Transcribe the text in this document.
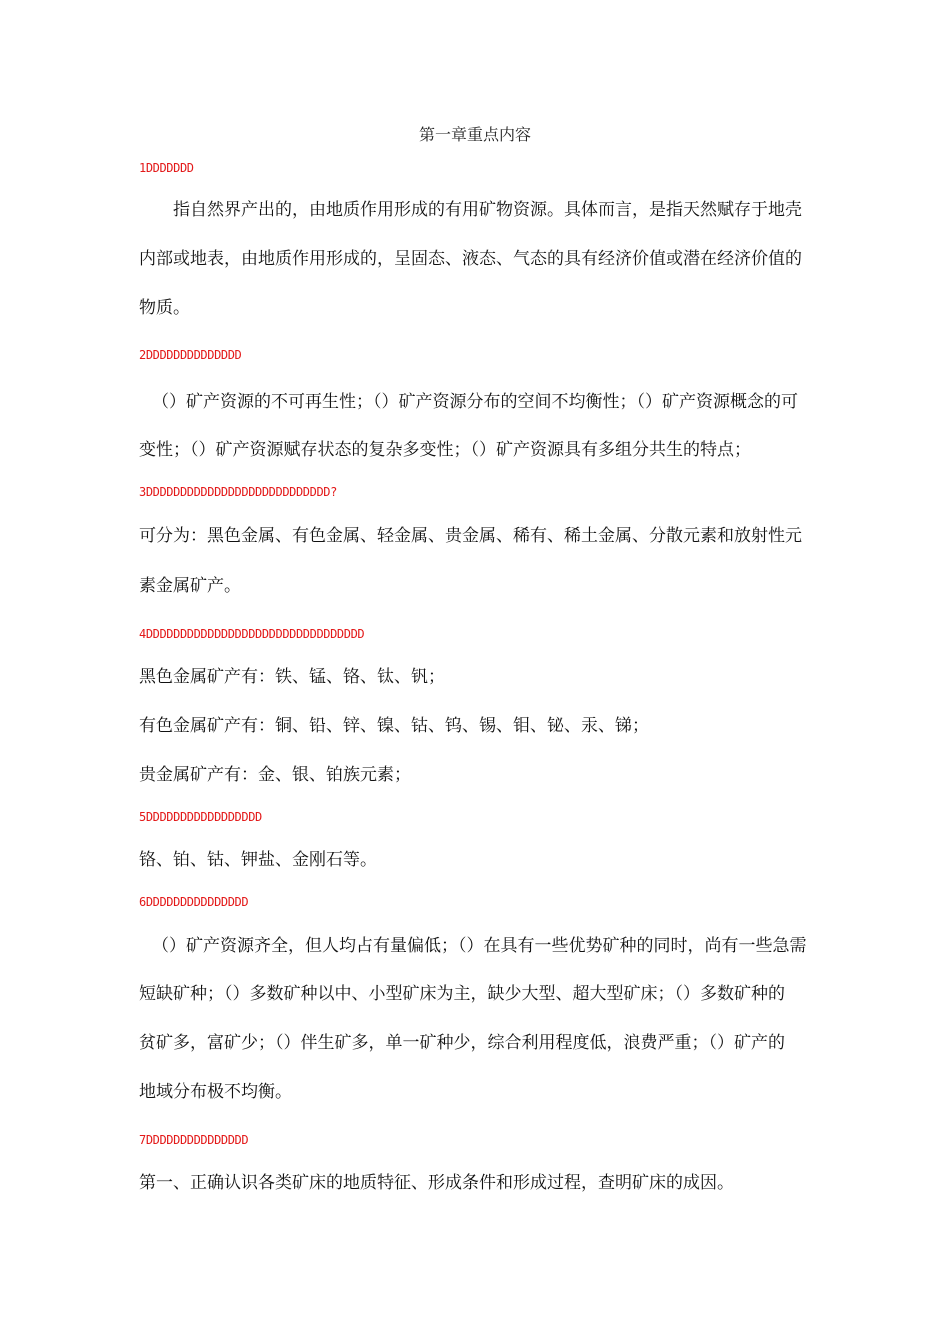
第一章重点内容
1DDDDDDD
指自然界产出的，由地质作用形成的有用矿物资源。具体而言，是指天然赋存于地壳
内部或地表，由地质作用形成的，呈固态、液态、气态的具有经济价值或潜在经济价值的
物质。
2DDDDDDDDDDDDDD
（）矿产资源的不可再生性；（）矿产资源分布的空间不均衡性；（）矿产资源概念的可
变性；（）矿产资源赋存状态的复杂多变性；（）矿产资源具有多组分共生的特点；
3DDDDDDDDDDDDDDDDDDDDDDDDDDD?
可分为：黑色金属、有色金属、轻金属、贵金属、稀有、稀土金属、分散元素和放射性元
素金属矿产。
4DDDDDDDDDDDDDDDDDDDDDDDDDDDDDDDD
黑色金属矿产有：铁、锰、铬、钛、钒；
有色金属矿产有：铜、铅、锌、镍、钴、钨、锡、钼、铋、汞、锑；
贵金属矿产有：金、银、铂族元素；
5DDDDDDDDDDDDDDDDD
铬、铂、钴、钾盐、金刚石等。
6DDDDDDDDDDDDDDD
（）矿产资源齐全，但人均占有量偏低；（）在具有一些优势矿种的同时，尚有一些急需
短缺矿种；（）多数矿种以中、小型矿床为主，缺少大型、超大型矿床；（）多数矿种的
贫矿多，富矿少；（）伴生矿多，单一矿种少，综合利用程度低，浪费严重；（）矿产的
地域分布极不均衡。
7DDDDDDDDDDDDDDD
第一、正确认识各类矿床的地质特征、形成条件和形成过程，查明矿床的成因。
